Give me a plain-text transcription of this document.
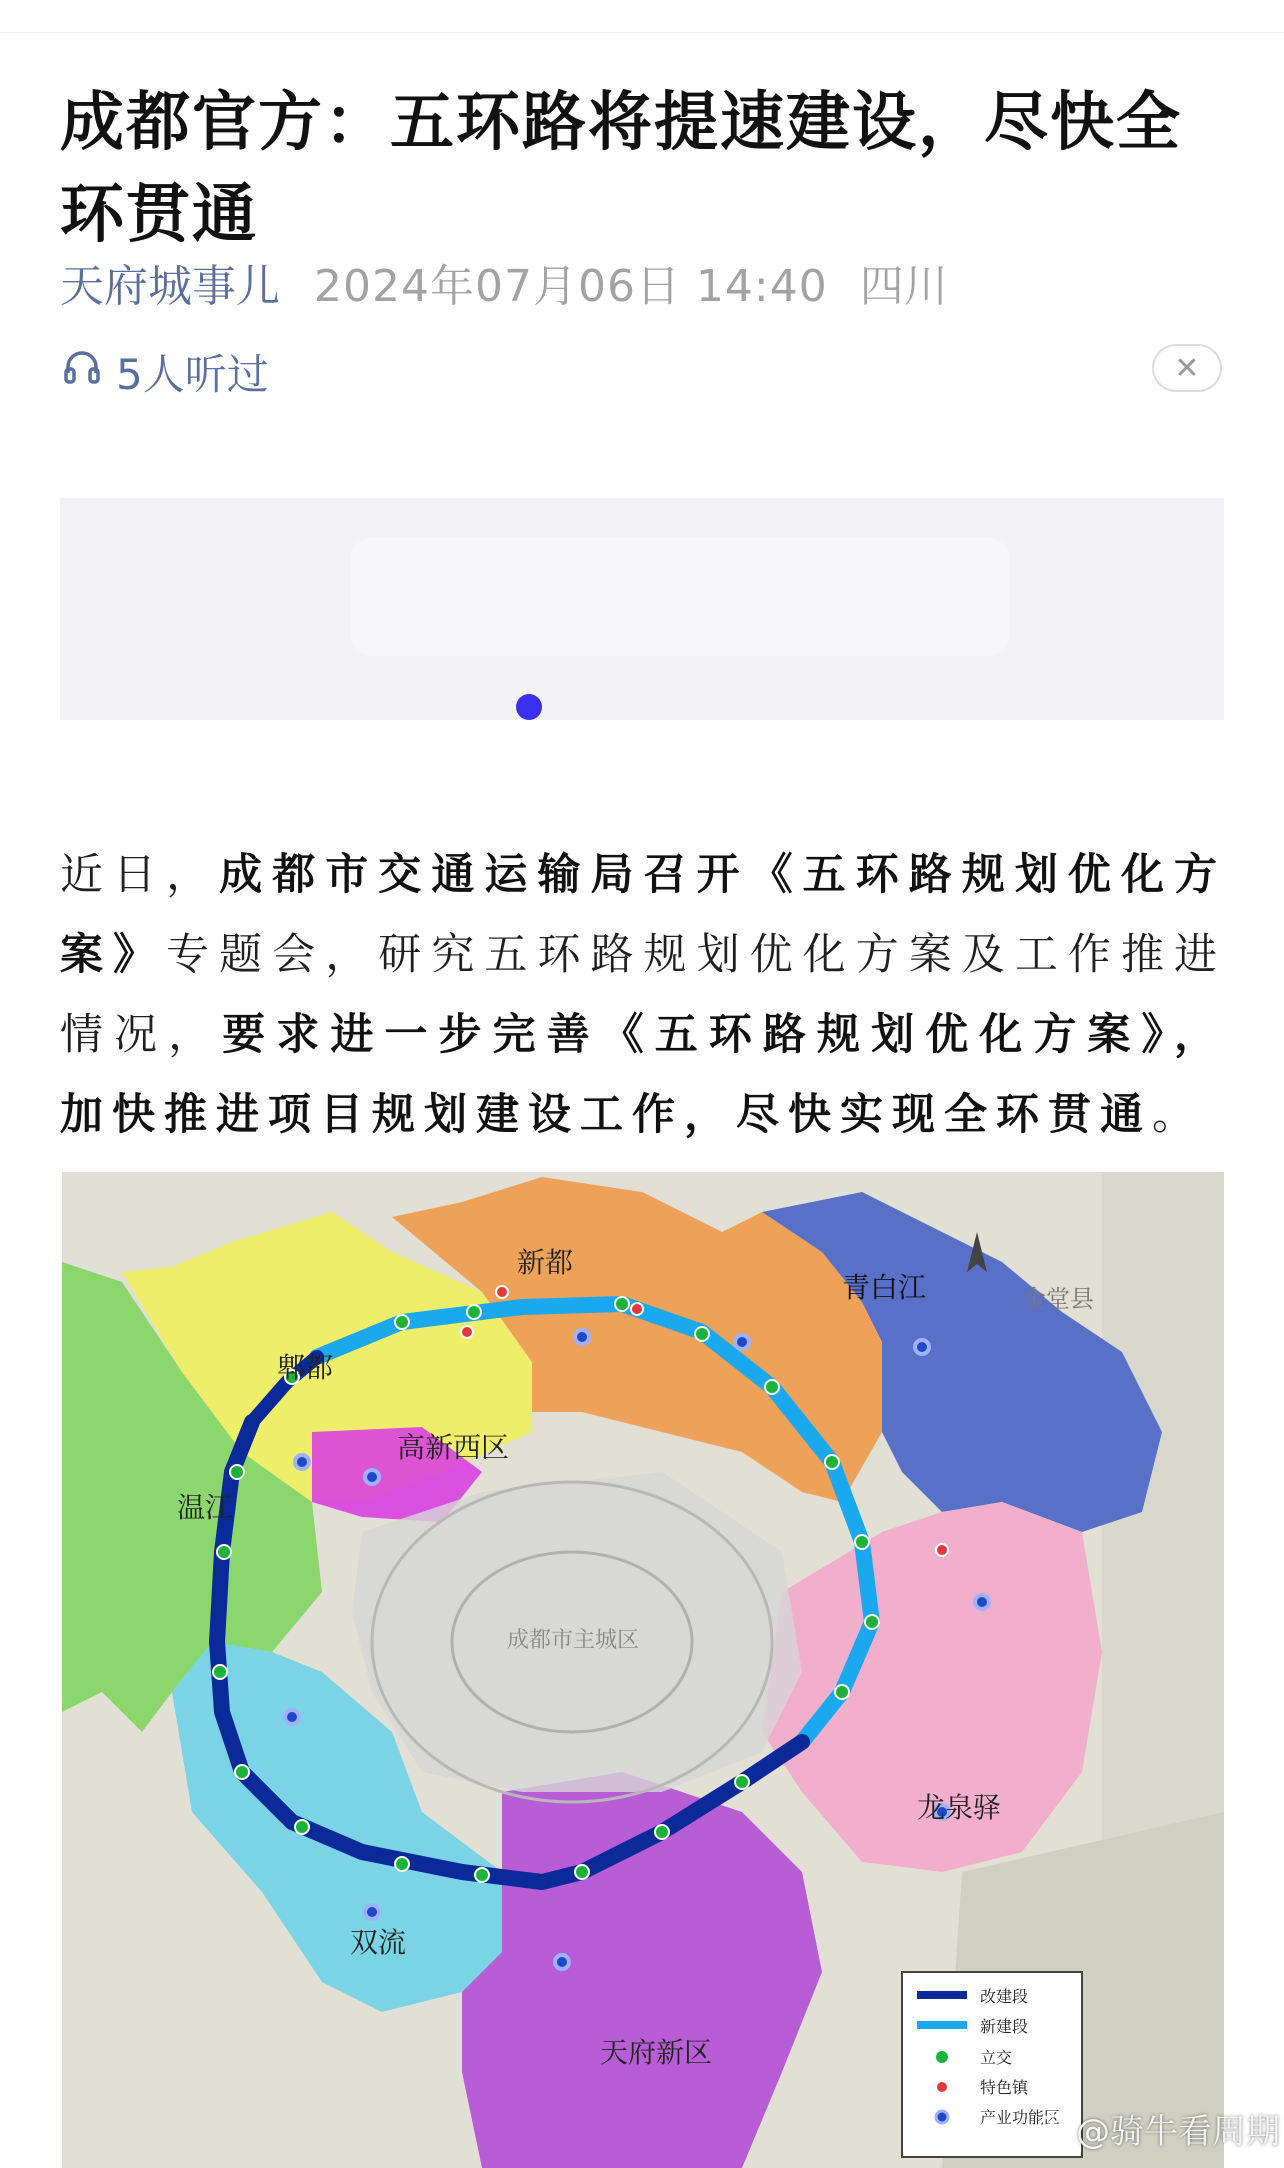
成都官方：五环路将提速建设，尽快全环贯通
天府城事儿 2024年07月06日 14:40 四川
5人听过	✕

近日，成都市交通运输局召开《五环路规划优化方案》专题会，研究五环路规划优化方案及工作推进情况，要求进一步完善《五环路规划优化方案》，加快推进项目规划建设工作，尽快实现全环贯通。

新都
青白江	金堂县
郫都
高新西区
温江
成都市主城区
龙泉驿
双流
天府新区
改建段
新建段
立交
特色镇
产业功能区 @骑牛看周期
